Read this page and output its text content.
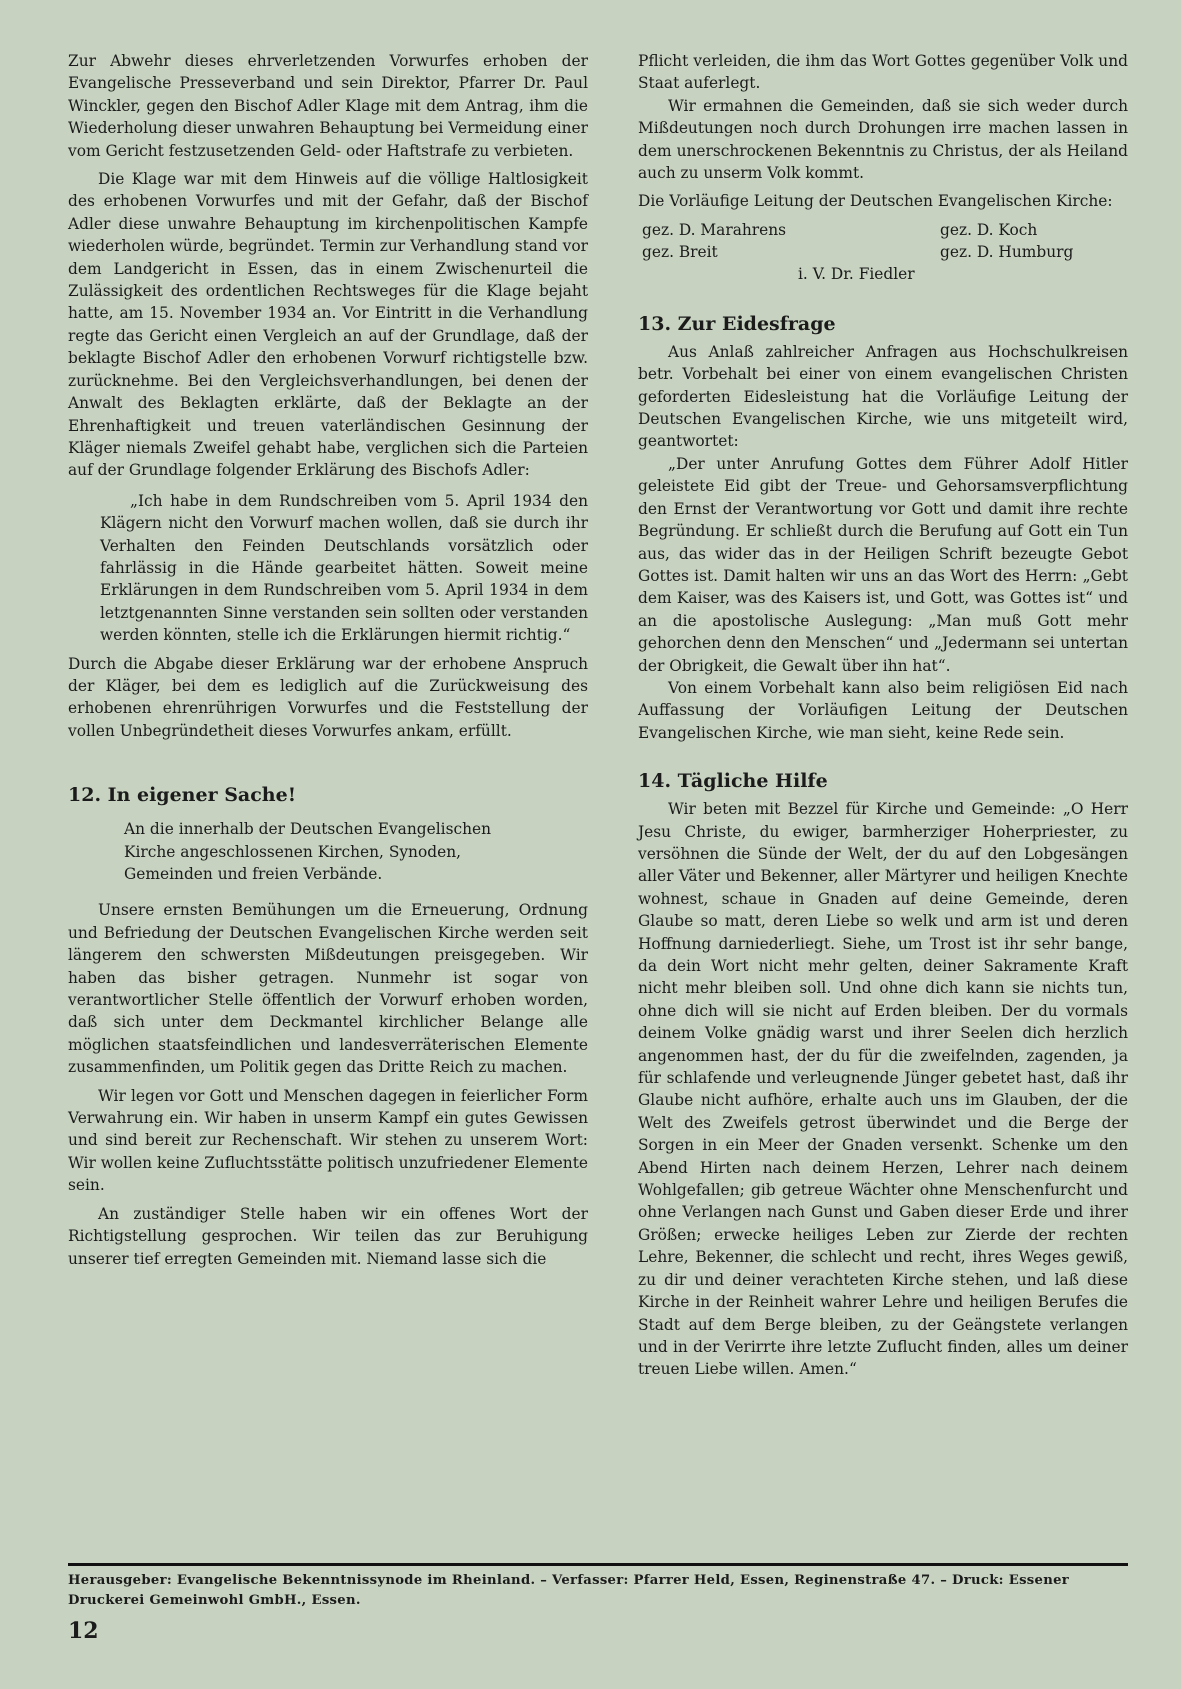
Zur Abwehr dieses ehrverletzenden Vorwurfes erhoben der Evangelische Presseverband und sein Direktor, Pfarrer Dr. Paul Winckler, gegen den Bischof Adler Klage mit dem Antrag, ihm die Wiederholung dieser unwahren Behauptung bei Vermeidung einer vom Gericht festzusetzenden Geld- oder Haftstrafe zu verbieten.

Die Klage war mit dem Hinweis auf die völlige Haltlosigkeit des erhobenen Vorwurfes und mit der Gefahr, daß der Bischof Adler diese unwahre Behauptung im kirchenpolitischen Kampfe wiederholen würde, begründet. Termin zur Verhandlung stand vor dem Landgericht in Essen, das in einem Zwischenurteil die Zulässigkeit des ordentlichen Rechtsweges für die Klage bejaht hatte, am 15. November 1934 an. Vor Eintritt in die Verhandlung regte das Gericht einen Vergleich an auf der Grundlage, daß der beklagte Bischof Adler den erhobenen Vorwurf richtigstelle bzw. zurücknehme. Bei den Vergleichsverhandlungen, bei denen der Anwalt des Beklagten erklärte, daß der Beklagte an der Ehrenhaftigkeit und treuen vaterländischen Gesinnung der Kläger niemals Zweifel gehabt habe, verglichen sich die Parteien auf der Grundlage folgender Erklärung des Bischofs Adler:

„Ich habe in dem Rundschreiben vom 5. April 1934 den Klägern nicht den Vorwurf machen wollen, daß sie durch ihr Verhalten den Feinden Deutschlands vorsätzlich oder fahrlässig in die Hände gearbeitet hätten. Soweit meine Erklärungen in dem Rundschreiben vom 5. April 1934 in dem letztgenannten Sinne verstanden sein sollten oder verstanden werden könnten, stelle ich die Erklärungen hiermit richtig.“

Durch die Abgabe dieser Erklärung war der erhobene Anspruch der Kläger, bei dem es lediglich auf die Zurückweisung des erhobenen ehrenrührigen Vorwurfes und die Feststellung der vollen Unbegründetheit dieses Vorwurfes ankam, erfüllt.

12. In eigener Sache!

An die innerhalb der Deutschen Evangelischen Kirche angeschlossenen Kirchen, Synoden, Gemeinden und freien Verbände.

Unsere ernsten Bemühungen um die Erneuerung, Ordnung und Befriedung der Deutschen Evangelischen Kirche werden seit längerem den schwersten Mißdeutungen preisgegeben. Wir haben das bisher getragen. Nunmehr ist sogar von verantwortlicher Stelle öffentlich der Vorwurf erhoben worden, daß sich unter dem Deckmantel kirchlicher Belange alle möglichen staatsfeindlichen und landesverräterischen Elemente zusammenfinden, um Politik gegen das Dritte Reich zu machen.

Wir legen vor Gott und Menschen dagegen in feierlicher Form Verwahrung ein. Wir haben in unserm Kampf ein gutes Gewissen und sind bereit zur Rechenschaft. Wir stehen zu unserem Wort: Wir wollen keine Zufluchtsstätte politisch unzufriedener Elemente sein.

An zuständiger Stelle haben wir ein offenes Wort der Richtigstellung gesprochen. Wir teilen das zur Beruhigung unserer tief erregten Gemeinden mit. Niemand lasse sich die

Pflicht verleiden, die ihm das Wort Gottes gegenüber Volk und Staat auferlegt.

Wir ermahnen die Gemeinden, daß sie sich weder durch Mißdeutungen noch durch Drohungen irre machen lassen in dem unerschrockenen Bekenntnis zu Christus, der als Heiland auch zu unserm Volk kommt.

Die Vorläufige Leitung der Deutschen Evangelischen Kirche:

gez. D. Marahrens	gez. D. Koch
gez. Breit	gez. D. Humburg
i. V. Dr. Fiedler
13. Zur Eidesfrage

Aus Anlaß zahlreicher Anfragen aus Hochschulkreisen betr. Vorbehalt bei einer von einem evangelischen Christen geforderten Eidesleistung hat die Vorläufige Leitung der Deutschen Evangelischen Kirche, wie uns mitgeteilt wird, geantwortet:

„Der unter Anrufung Gottes dem Führer Adolf Hitler geleistete Eid gibt der Treue- und Gehorsamsverpflichtung den Ernst der Verantwortung vor Gott und damit ihre rechte Begründung. Er schließt durch die Berufung auf Gott ein Tun aus, das wider das in der Heiligen Schrift bezeugte Gebot Gottes ist. Damit halten wir uns an das Wort des Herrn: „Gebt dem Kaiser, was des Kaisers ist, und Gott, was Gottes ist“ und an die apostolische Auslegung: „Man muß Gott mehr gehorchen denn den Menschen“ und „Jedermann sei untertan der Obrigkeit, die Gewalt über ihn hat“.

Von einem Vorbehalt kann also beim religiösen Eid nach Auffassung der Vorläufigen Leitung der Deutschen Evangelischen Kirche, wie man sieht, keine Rede sein.

14. Tägliche Hilfe

Wir beten mit Bezzel für Kirche und Gemeinde: „O Herr Jesu Christe, du ewiger, barmherziger Hoherpriester, zu versöhnen die Sünde der Welt, der du auf den Lobgesängen aller Väter und Bekenner, aller Märtyrer und heiligen Knechte wohnest, schaue in Gnaden auf deine Gemeinde, deren Glaube so matt, deren Liebe so welk und arm ist und deren Hoffnung darniederliegt. Siehe, um Trost ist ihr sehr bange, da dein Wort nicht mehr gelten, deiner Sakramente Kraft nicht mehr bleiben soll. Und ohne dich kann sie nichts tun, ohne dich will sie nicht auf Erden bleiben. Der du vormals deinem Volke gnädig warst und ihrer Seelen dich herzlich angenommen hast, der du für die zweifelnden, zagenden, ja für schlafende und verleugnende Jünger gebetet hast, daß ihr Glaube nicht aufhöre, erhalte auch uns im Glauben, der die Welt des Zweifels getrost überwindet und die Berge der Sorgen in ein Meer der Gnaden versenkt. Schenke um den Abend Hirten nach deinem Herzen, Lehrer nach deinem Wohlgefallen; gib getreue Wächter ohne Menschenfurcht und ohne Verlangen nach Gunst und Gaben dieser Erde und ihrer Größen; erwecke heiliges Leben zur Zierde der rechten Lehre, Bekenner, die schlecht und recht, ihres Weges gewiß, zu dir und deiner verachteten Kirche stehen, und laß diese Kirche in der Reinheit wahrer Lehre und heiligen Berufes die Stadt auf dem Berge bleiben, zu der Geängstete verlangen und in der Verirrte ihre letzte Zuflucht finden, alles um deiner treuen Liebe willen. Amen.“

Herausgeber: Evangelische Bekenntnissynode im Rheinland. – Verfasser: Pfarrer Held, Essen, Reginenstraße 47. – Druck: Essener Druckerei Gemeinwohl GmbH., Essen.
12
